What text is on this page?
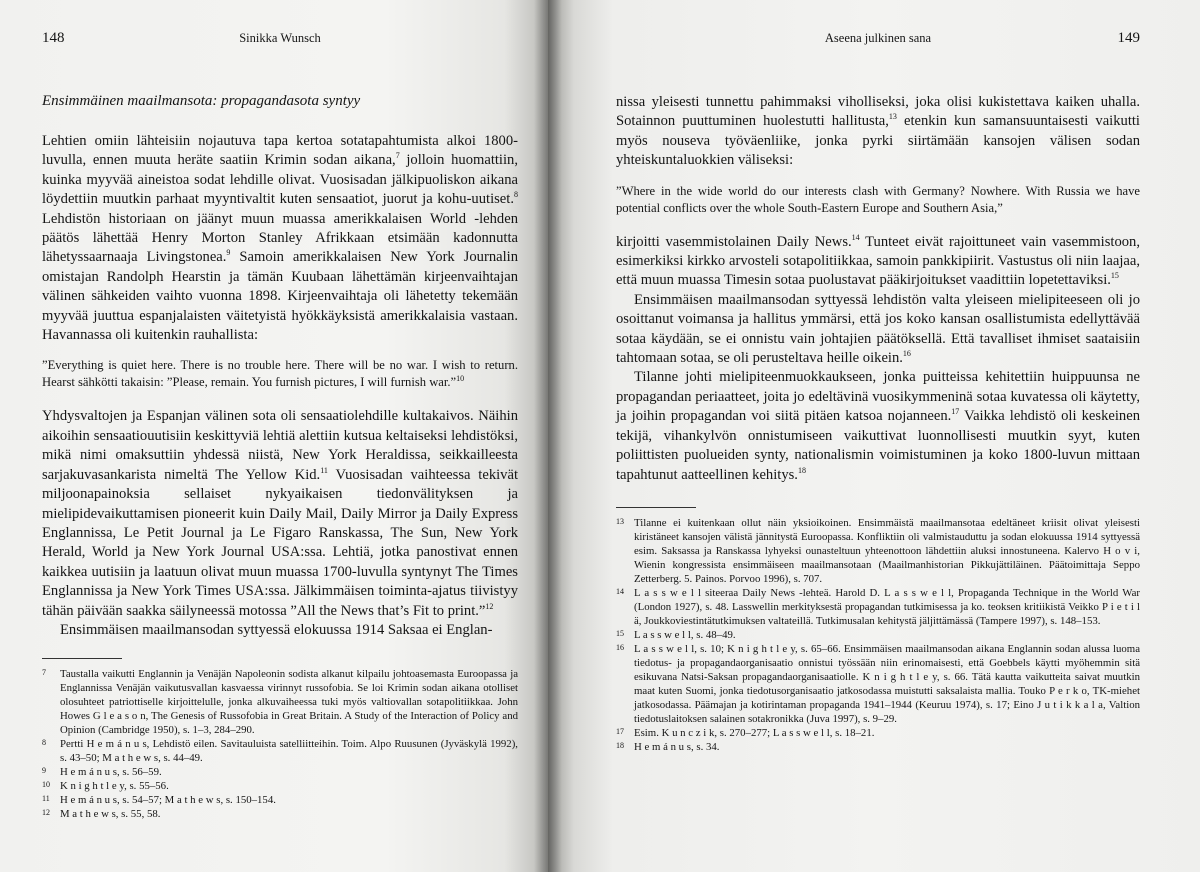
148	Sinikka Wunsch
Ensimmäinen maailmansota: propagandasota syntyy

Lehtien omiin lähteisiin nojautuva tapa kertoa sotatapahtumista alkoi 1800-luvulla, ennen muuta heräte saatiin Krimin sodan aikana,$^7$ jolloin huomattiin, kuinka myyvää aineistoa sodat lehdille olivat. Vuosisadan jälkipuoliskon aikana löydettiin muutkin parhaat myyntivaltit kuten sensaatiot, juorut ja kohu-uutiset.$^8$ Lehdistön historiaan on jäänyt muun muassa amerikkalaisen World -lehden päätös lähettää Henry Morton Stanley Afrikkaan etsimään kadonnutta lähetyssaarnaaja Livingstonea.$^9$ Samoin amerikkalaisen New York Journalin omistajan Randolph Hearstin ja tämän Kuubaan lähettämän kirjeenvaihtajan välinen sähkeiden vaihto vuonna 1898. Kirjeenvaihtaja oli lähetetty tekemään myyvää juuttua espanjalaisten väitetyistä hyökkäyksistä amerikkalaisia vastaan. Havannassa oli kuitenkin rauhallista:

”Everything is quiet here. There is no trouble here. There will be no war. I wish to return. Hearst sähkötti takaisin: ”Please, remain. You furnish pictures, I will furnish war.”$^{10}$

Yhdysvaltojen ja Espanjan välinen sota oli sensaatiolehdille kultakaivos. Näihin aikoihin sensaatiouutisiin keskittyviä lehtiä alettiin kutsua keltaiseksi lehdistöksi, mikä nimi omaksuttiin yhdessä niistä, New York Heraldissa, seikkailleesta sarjakuvasankarista nimeltä The Yellow Kid.$^{11}$ Vuosisadan vaihteessa tekivät miljoonapainoksia sellaiset nykyaikaisen tiedonvälityksen ja mielipidevaikuttamisen pioneerit kuin Daily Mail, Daily Mirror ja Daily Express Englannissa, Le Petit Journal ja Le Figaro Ranskassa, The Sun, New York Herald, World ja New York Journal USA:ssa. Lehtiä, jotka panostivat ennen kaikkea uutisiin ja laatuun olivat muun muassa 1700-luvulla syntynyt The Times Englannissa ja New York Times USA:ssa. Jälkimmäisen toiminta-ajatus tiivistyy tähän päivään saakka säilyneessä motossa ”All the News that’s Fit to print.”$^{12}$

Ensimmäisen maailmansodan syttyessä elokuussa 1914 Saksaa ei Englan-

7	Taustalla vaikutti Englannin ja Venäjän Napoleonin sodista alkanut kilpailu johtoasemasta Euroopassa ja Englannissa Venäjän vaikutusvallan kasvaessa virinnyt russofobia. Se loi Krimin sodan aikana otolliset olosuhteet patriottiselle kirjoittelulle, jonka alkuvaiheessa tuki myös valtiovallan sotapolitiikkaa. John Howes G l e a s o n, The Genesis of Russofobia in Great Britain. A Study of the Interaction of Policy and Opinion (Cambridge 1950), s. 1–3, 284–290.
8	Pertti H e m á n u s, Lehdistö eilen. Savitauluista satelliitteihin. Toim. Alpo Ruusunen (Jyväskylä 1992), s. 43–50; M a t h e w s, s. 44–49.
9	H e m á n u s, s. 56–59.
10 K n i g h t l e y, s. 55–56.
11 H e m á n u s, s. 54–57; M a t h e w s, s. 150–154.
12 M a t h e w s, s. 55, 58.
Aseena julkinen sana	149

nissa yleisesti tunnettu pahimmaksi viholliseksi, joka olisi kukistettava kaiken uhalla. Sotainnon puuttuminen huolestutti hallitusta,$^{13}$ etenkin kun samansuuntaisesti vaikutti myös nouseva työväenliike, jonka pyrki siirtämään kansojen välisen sodan yhteiskuntaluokkien väliseksi:

”Where in the wide world do our interests clash with Germany? Nowhere. With Russia we have potential conflicts over the whole South-Eastern Europe and Southern Asia,”

kirjoitti vasemmistolainen Daily News.$^{14}$ Tunteet eivät rajoittuneet vain vasemmistoon, esimerkiksi kirkko arvosteli sotapolitiikkaa, samoin pankkipiirit. Vastustus oli niin laajaa, että muun muassa Timesin sotaa puolustavat pääkirjoitukset vaadittiin lopetettaviksi.$^{15}$

Ensimmäisen maailmansodan syttyessä lehdistön valta yleiseen mielipiteeseen oli jo osoittanut voimansa ja hallitus ymmärsi, että jos koko kansan osallistumista edellyttävää sotaa käydään, se ei onnistu vain johtajien päätöksellä. Että tavalliset ihmiset saataisiin tahtomaan sotaa, se oli perusteltava heille oikein.$^{16}$

Tilanne johti mielipiteenmuokkaukseen, jonka puitteissa kehitettiin huippuunsa ne propagandan periaatteet, joita jo edeltävinä vuosikymmeninä sotaa kuvatessa oli käytetty, ja joihin propagandan voi siitä pitäen katsoa nojanneen.$^{17}$ Vaikka lehdistö oli keskeinen tekijä, vihankylvön onnistumiseen vaikuttivat luonnollisesti muutkin syyt, kuten poliittisten puolueiden synty, nationalismin voimistuminen ja koko 1800-luvun mittaan tapahtunut aatteellinen kehitys.$^{18}$

13 Tilanne ei kuitenkaan ollut näin yksioikoinen. Ensimmäistä maailmansotaa edeltäneet kriisit olivat yleisesti kiristäneet kansojen välistä jännitystä Euroopassa. Konfliktiin oli valmistauduttu ja sodan elokuussa 1914 syttyessä esim. Saksassa ja Ranskassa lyhyeksi ounasteltuun yhteenottoon lähdettiin aluksi innostuneena. Kalervo H o v i, Wienin kongressista ensimmäiseen maailmansotaan (Maailmanhistorian Pikkujättiläinen. Päätoimittaja Seppo Zetterberg. 5. Painos. Porvoo 1996), s. 707.
14 L a s s w e l l siteeraa Daily News -lehteä. Harold D. L a s s w e l l, Propaganda Technique in the World War (London 1927), s. 48. Lasswellin merkityksestä propagandan tutkimisessa ja ko. teoksen kritiikistä Veikko P i e t i l ä, Joukkoviestintätutkimuksen valtateillä. Tutkimusalan kehitystä jäljittämässä (Tampere 1997), s. 148–153.
15 L a s s w e l l, s. 48–49.
16 L a s s w e l l, s. 10; K n i g h t l e y, s. 65–66. Ensimmäisen maailmansodan aikana Englannin sodan alussa luoma tiedotus- ja propagandaorganisaatio onnistui työssään niin erinomaisesti, että Goebbels käytti myöhemmin sitä esikuvana Natsi-Saksan propagandaorganisaatiolle. K n i g h t l e y, s. 66. Tätä kautta vaikutteita saivat muutkin maat kuten Suomi, jonka tiedotusorganisaatio jatkosodassa muistutti saksalaista mallia. Touko P e r k o, TK-miehet jatkosodassa. Päämajan ja kotirintaman propaganda 1941–1944 (Keuruu 1974), s. 17; Eino J u t i k k a l a, Valtion tiedotuslaitoksen salainen sotakronikka (Juva 1997), s. 9–29.
17 Esim. K u n c z i k, s. 270–277; L a s s w e l l, s. 18–21.
18 H e m á n u s, s. 34.
